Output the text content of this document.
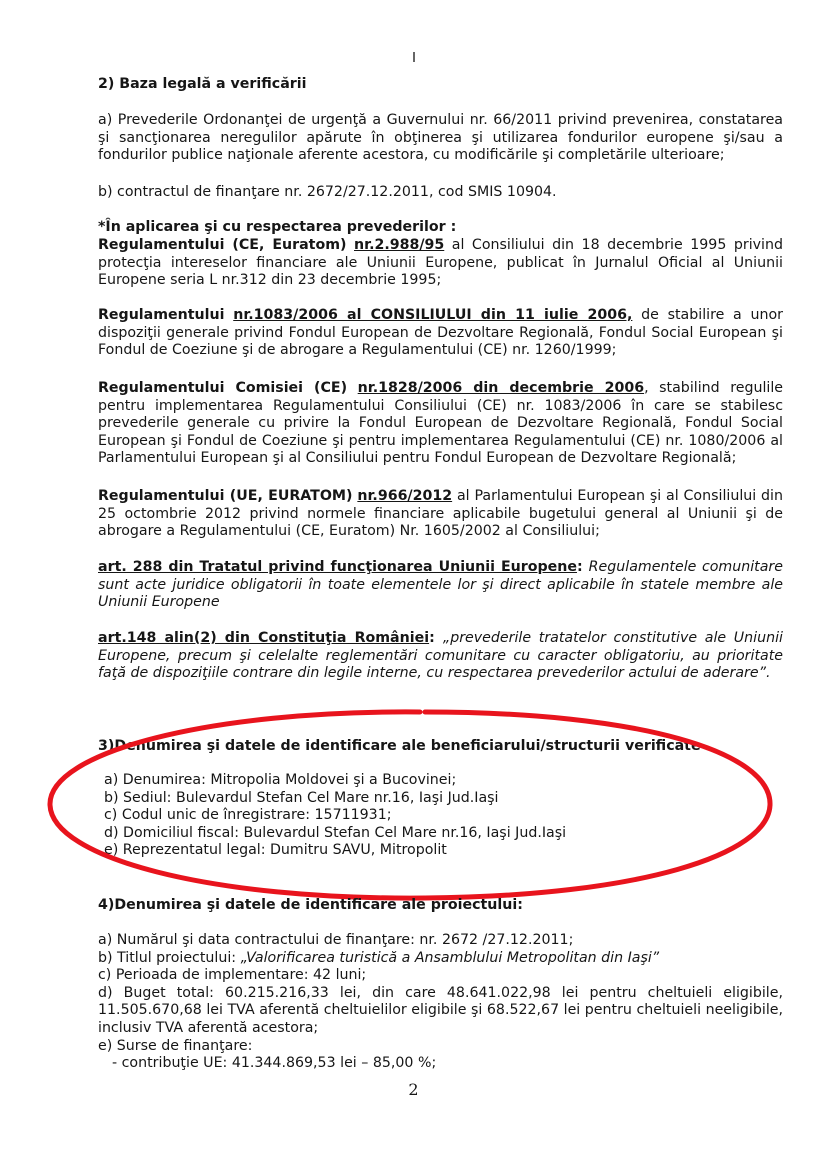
2) Baza legală a verificării
a) Prevederile Ordonanţei de urgenţă a Guvernului nr. 66/2011 privind prevenirea, constatarea şi sancţionarea neregulilor apărute în obţinerea şi utilizarea fondurilor europene şi/sau a fondurilor publice naţionale aferente acestora, cu modificările şi completările ulterioare;
b) contractul de finanţare nr. 2672/27.12.2011, cod SMIS 10904.
*În aplicarea şi cu respectarea prevederilor :
Regulamentului (CE, Euratom) nr.2.988/95 al Consiliului din 18 decembrie 1995 privind protecţia intereselor financiare ale Uniunii Europene, publicat în Jurnalul Oficial al Uniunii Europene seria L nr.312 din 23 decembrie 1995;
Regulamentului nr.1083/2006 al CONSILIULUI din 11 iulie 2006, de stabilire a unor dispoziţii generale privind Fondul European de Dezvoltare Regională, Fondul Social European şi Fondul de Coeziune şi de abrogare a Regulamentului (CE) nr. 1260/1999;
Regulamentului Comisiei (CE) nr.1828/2006 din decembrie 2006, stabilind regulile pentru implementarea Regulamentului Consiliului (CE) nr. 1083/2006 în care se stabilesc prevederile generale cu privire la Fondul European de Dezvoltare Regională, Fondul Social European şi Fondul de Coeziune şi pentru implementarea Regulamentului (CE) nr. 1080/2006 al Parlamentului European şi al Consiliului pentru Fondul European de Dezvoltare Regională;
Regulamentului (UE, EURATOM) nr.966/2012 al Parlamentului European şi al Consiliului din 25 octombrie 2012 privind normele financiare aplicabile bugetului general al Uniunii şi de abrogare a Regulamentului (CE, Euratom) Nr. 1605/2002 al Consiliului;
art. 288 din Tratatul privind funcţionarea Uniunii Europene: Regulamentele comunitare sunt acte juridice obligatorii în toate elementele lor şi direct aplicabile în statele membre ale Uniunii Europene
art.148 alin(2) din Constituţia României: „prevederile tratatelor constitutive ale Uniunii Europene, precum şi celelalte reglementări comunitare cu caracter obligatoriu, au prioritate faţă de dispoziţiile contrare din legile interne, cu respectarea prevederilor actului de aderare”.
3)Denumirea şi datele de identificare ale beneficiarului/structurii verificate
a) Denumirea: Mitropolia Moldovei şi a Bucovinei;
b) Sediul: Bulevardul Stefan Cel Mare nr.16, Iaşi Jud.Iaşi
c) Codul unic de înregistrare: 15711931;
d) Domiciliul fiscal: Bulevardul Stefan Cel Mare nr.16, Iaşi Jud.Iaşi
e) Reprezentatul legal: Dumitru SAVU, Mitropolit
4)Denumirea şi datele de identificare ale proiectului:
a) Numărul şi data contractului de finanţare: nr. 2672 /27.12.2011;
b) Titlul proiectului: „Valorificarea turistică a Ansamblului Metropolitan din Iaşi”
c) Perioada de implementare: 42 luni;
d) Buget total: 60.215.216,33 lei, din care 48.641.022,98 lei pentru cheltuieli eligibile, 11.505.670,68 lei TVA aferentă cheltuielilor eligibile şi 68.522,67 lei pentru cheltuieli neeligibile, inclusiv TVA aferentă acestora;
e) Surse de finanţare:
- contribuţie UE: 41.344.869,53 lei – 85,00 %;
2
